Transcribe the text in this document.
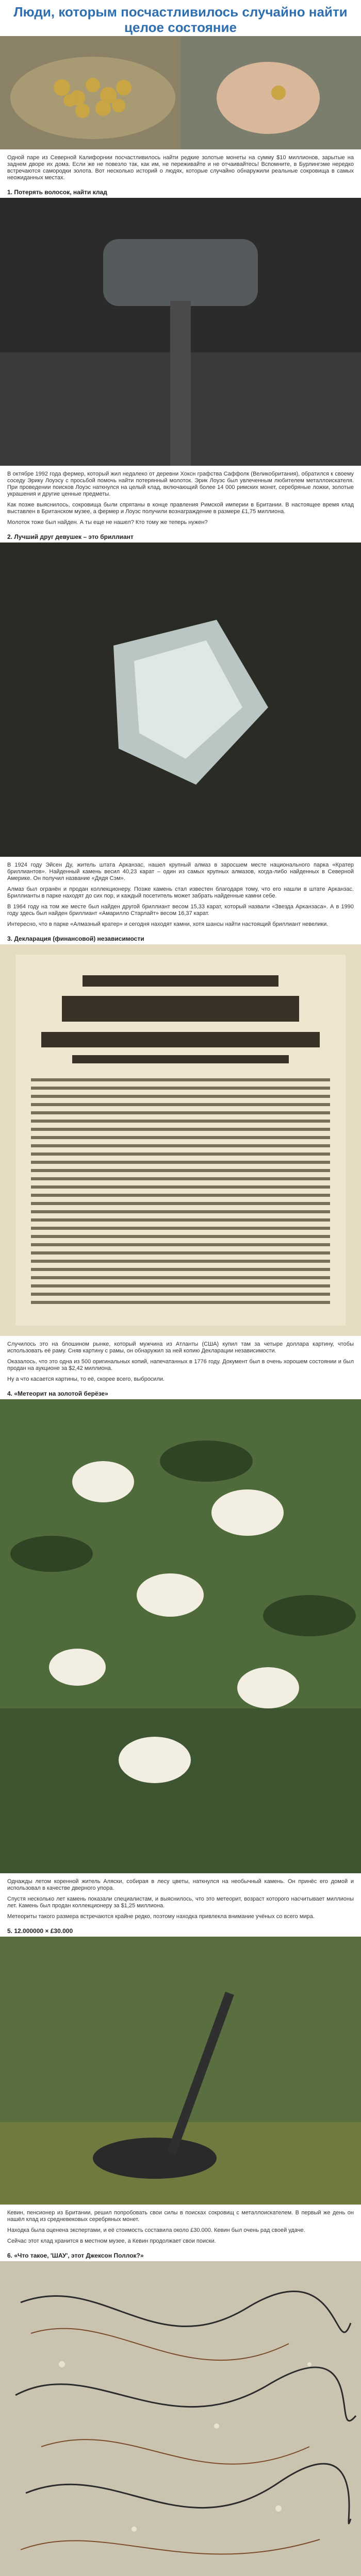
Люди, которым посчастливилось случайно найти целое состояние

Одной паре из Северной Калифорнии посчастливилось найти редкие золотые монеты на сумму $10 миллионов, зарытые на заднем дворе их дома. Если же не повезло так, как им, не переживайте и не отчаивайтесь! Вспомните, в Бурлингэме нередко встречаются самородки золота. Вот несколько историй о людях, которые случайно обнаружили реальные сокровища в самых неожиданных местах.

1. Потерять волосок, найти клад

В октябре 1992 года фермер, который жил недалеко от деревни Хоксн графства Саффолк (Великобритания), обратился к своему соседу Эрику Лоуэсу с просьбой помочь найти потерянный молоток. Эрик Лоуэс был увлеченным любителем металлоискателя. При проведении поисков Лоуэс наткнулся на целый клад, включающий более 14 000 римских монет, серебряные ложки, золотые украшения и другие ценные предметы.

Как позже выяснилось, сокровища были спрятаны в конце правления Римской империи в Британии. В настоящее время клад выставлен в Британском музее, а фермер и Лоуэс получили вознаграждение в размере £1,75 миллиона.

Молоток тоже был найден. А ты еще не нашел? Кто тому же теперь нужен?

2. Лучший друг девушек – это бриллиант

В 1924 году Эйсен Ду, житель штата Арканзас, нашел крупный алмаз в заросшем месте национального парка «Кратер бриллиантов». Найденный камень весил 40,23 карат – один из самых крупных алмазов, когда-либо найденных в Северной Америке. Он получил название «Дядя Сэм».

Алмаз был огранён и продан коллекционеру. Позже камень стал известен благодаря тому, что его нашли в штате Арканзас. Бриллианты в парке находят до сих пор, и каждый посетитель может забрать найденные камни себе.

В 1964 году на том же месте был найден другой бриллиант весом 15,33 карат, который назвали «Звезда Арканзаса». А в 1990 году здесь был найден бриллиант «Амарилло Старлайт» весом 16,37 карат.

Интересно, что в парке «Алмазный кратер» и сегодня находят камни, хотя шансы найти настоящий бриллиант невелики.

3. Декларация (финансовой) независимости

Случилось это на блошином рынке, который мужчина из Атланты (США) купил там за четыре доллара картину, чтобы использовать её раму. Сняв картину с рамы, он обнаружил за ней копию Декларации независимости.

Оказалось, что это одна из 500 оригинальных копий, напечатанных в 1776 году. Документ был в очень хорошем состоянии и был продан на аукционе за $2,42 миллиона.

Ну а что касается картины, то её, скорее всего, выбросили.

4. «Метеорит на золотой берёзе»

Однажды летом коренной житель Аляски, собирая в лесу цветы, наткнулся на необычный камень. Он принёс его домой и использовал в качестве дверного упора.

Спустя несколько лет камень показали специалистам, и выяснилось, что это метеорит, возраст которого насчитывает миллионы лет. Камень был продан коллекционеру за $1,25 миллиона.

Метеориты такого размера встречаются крайне редко, поэтому находка привлекла внимание учёных со всего мира.

5. 12.000000 × £30.000

Кевин, пенсионер из Британии, решил попробовать свои силы в поисках сокровищ с металлоискателем. В первый же день он нашёл клад из средневековых серебряных монет.

Находка была оценена экспертами, и её стоимость составила около £30.000. Кевин был очень рад своей удаче.

Сейчас этот клад хранится в местном музее, а Кевин продолжает свои поиски.

6. «Что такое, 'ШАУ', этот Джексон Поллок?»
